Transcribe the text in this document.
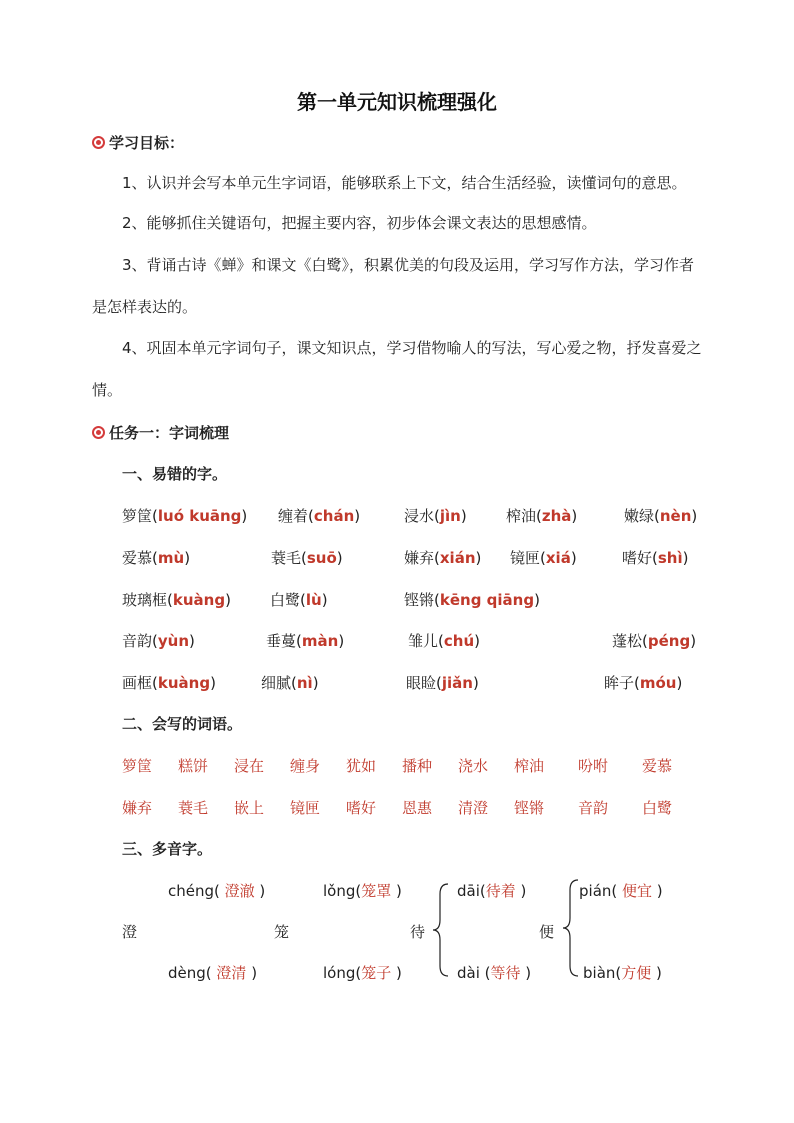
第一单元知识梳理强化
学习目标：
1、认识并会写本单元生字词语，能够联系上下文，结合生活经验，读懂词句的意思。
2、能够抓住关键语句，把握主要内容，初步体会课文表达的思想感情。
3、背诵古诗《蝉》和课文《白鹭》，积累优美的句段及运用，学习写作方法，学习作者是怎样表达的。
4、巩固本单元字词句子，课文知识点，学习借物喻人的写法，写心爱之物，抒发喜爱之情。
任务一：字词梳理
一、易错的字。
箩筐(luó kuāng) 缠着(chán)	浸水(jìn)	榨油(zhà)	嫩绿(nèn)
爱慕(mù)	蓑毛(suō)	嫌弃(xián) 镜匣(xiá)	嗜好(shì)
玻璃框(kuàng)	白鹭(lù)	铿锵(kēng qiāng)
音韵(yùn)	垂蔓(màn)	雏儿(chú)	蓬松(péng)
画框(kuàng)	细腻(nì)	眼睑(jiǎn)	眸子(móu)
二、会写的词语。
箩筐 糕饼 浸在 缠身 犹如 播种 浇水 榨油 吩咐 爱慕
嫌弃 蓑毛 嵌上 镜匣 嗜好 恩惠 清澄 铿锵 音韵 白鹭
三、多音字。
chéng( 澄澈 )
澄
dèng( 澄清 )
lǒng(笼罩 )
笼
lóng(笼子 )
待
dāi(待着 )
dài (等待 )
便
pián( 便宜 )
biàn(方便 )
